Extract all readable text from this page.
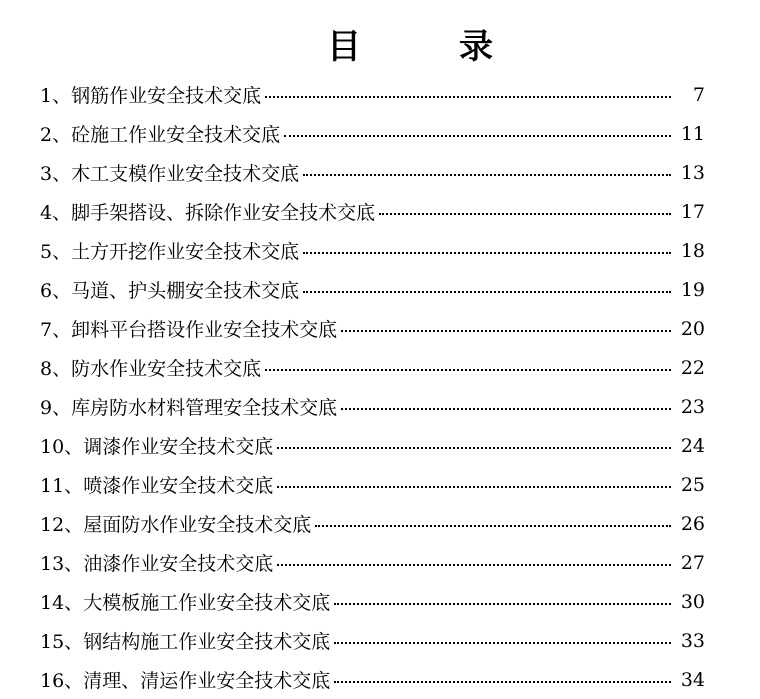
目	录
1、 钢筋作业安全技术交底	7
2、 砼施工作业安全技术交底	11
3、 木工支模作业安全技术交底	13
4、 脚手架搭设、拆除作业安全技术交底	17
5、 土方开挖作业安全技术交底	18
6、 马道、护头棚安全技术交底	19
7、 卸料平台搭设作业安全技术交底	20
8、 防水作业安全技术交底	22
9、 库房防水材料管理安全技术交底	23
10、 调漆作业安全技术交底	24
11、 喷漆作业安全技术交底	25
12、 屋面防水作业安全技术交底	26
13、 油漆作业安全技术交底	27
14、 大模板施工作业安全技术交底	30
15、 钢结构施工作业安全技术交底	33
16、 清理、清运作业安全技术交底	34
